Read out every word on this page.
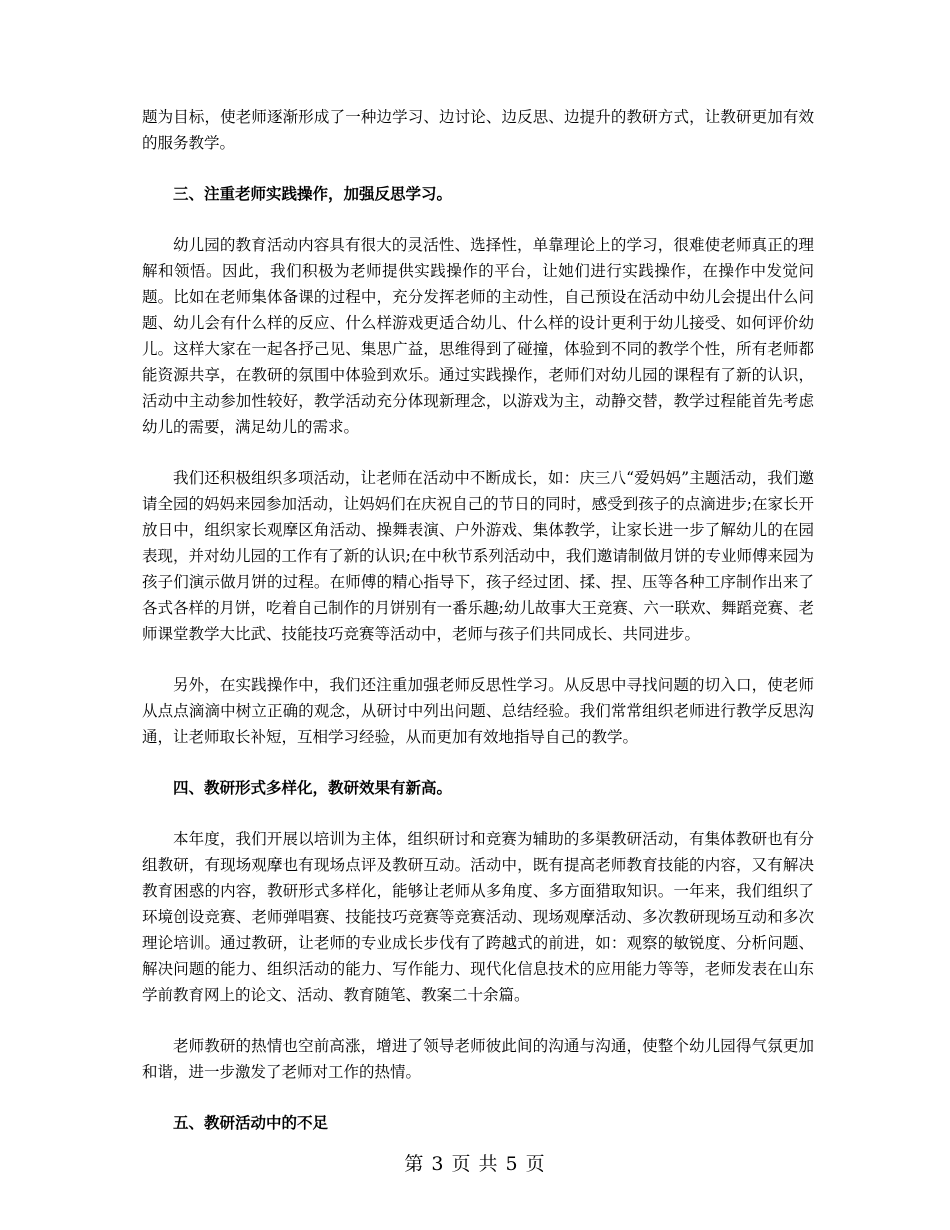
题为目标，使老师逐渐形成了一种边学习、边讨论、边反思、边提升的教研方式，让教研更加有效的服务教学。

三、注重老师实践操作，加强反思学习。

幼儿园的教育活动内容具有很大的灵活性、选择性，单靠理论上的学习，很难使老师真正的理解和领悟。因此，我们积极为老师提供实践操作的平台，让她们进行实践操作，在操作中发觉问题。比如在老师集体备课的过程中，充分发挥老师的主动性，自己预设在活动中幼儿会提出什么问题、幼儿会有什么样的反应、什么样游戏更适合幼儿、什么样的设计更利于幼儿接受、如何评价幼儿。这样大家在一起各抒己见、集思广益，思维得到了碰撞，体验到不同的教学个性，所有老师都能资源共享，在教研的氛围中体验到欢乐。通过实践操作，老师们对幼儿园的课程有了新的认识，活动中主动参加性较好，教学活动充分体现新理念，以游戏为主，动静交替，教学过程能首先考虑幼儿的需要，满足幼儿的需求。

我们还积极组织多项活动，让老师在活动中不断成长，如：庆三八“爱妈妈”主题活动，我们邀请全园的妈妈来园参加活动，让妈妈们在庆祝自己的节日的同时，感受到孩子的点滴进步;在家长开放日中，组织家长观摩区角活动、操舞表演、户外游戏、集体教学，让家长进一步了解幼儿的在园表现，并对幼儿园的工作有了新的认识;在中秋节系列活动中，我们邀请制做月饼的专业师傅来园为孩子们演示做月饼的过程。在师傅的精心指导下，孩子经过团、揉、捏、压等各种工序制作出来了各式各样的月饼，吃着自己制作的月饼别有一番乐趣;幼儿故事大王竞赛、六一联欢、舞蹈竞赛、老师课堂教学大比武、技能技巧竞赛等活动中，老师与孩子们共同成长、共同进步。

另外，在实践操作中，我们还注重加强老师反思性学习。从反思中寻找问题的切入口，使老师从点点滴滴中树立正确的观念，从研讨中列出问题、总结经验。我们常常组织老师进行教学反思沟通，让老师取长补短，互相学习经验，从而更加有效地指导自己的教学。

四、教研形式多样化，教研效果有新高。

本年度，我们开展以培训为主体，组织研讨和竞赛为辅助的多渠教研活动，有集体教研也有分组教研，有现场观摩也有现场点评及教研互动。活动中，既有提高老师教育技能的内容，又有解决教育困惑的内容，教研形式多样化，能够让老师从多角度、多方面猎取知识。一年来，我们组织了环境创设竞赛、老师弹唱赛、技能技巧竞赛等竞赛活动、现场观摩活动、多次教研现场互动和多次理论培训。通过教研，让老师的专业成长步伐有了跨越式的前进，如：观察的敏锐度、分析问题、解决问题的能力、组织活动的能力、写作能力、现代化信息技术的应用能力等等，老师发表在山东学前教育网上的论文、活动、教育随笔、教案二十余篇。

老师教研的热情也空前高涨，增进了领导老师彼此间的沟通与沟通，使整个幼儿园得气氛更加和谐，进一步激发了老师对工作的热情。

五、教研活动中的不足

第 3 页 共 5 页
